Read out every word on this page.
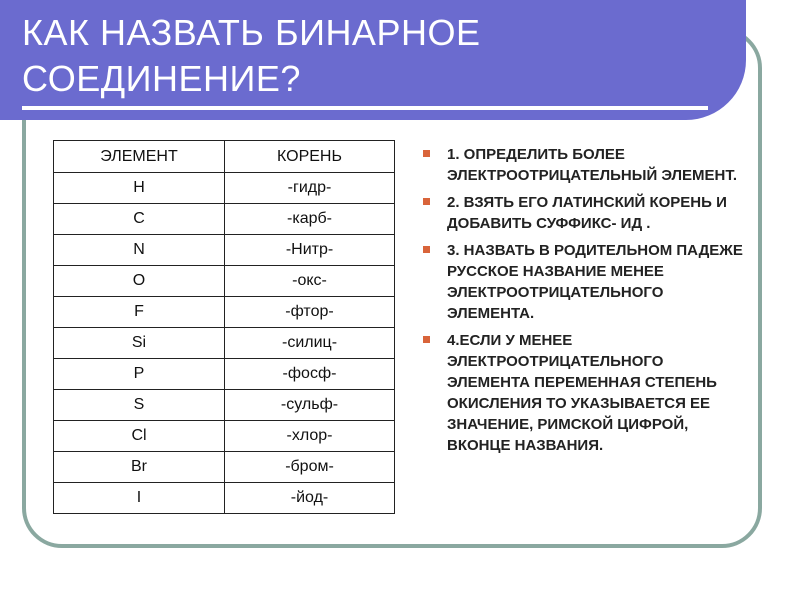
КАК НАЗВАТЬ БИНАРНОЕ
СОЕДИНЕНИЕ?
ЭЛЕМЕНТ	КОРЕНЬ
H	-гидр-
C	-карб-
N	-Нитр-
O	-окс-
F	-фтор-
Si	-силиц-
P	-фосф-
S	-сульф-
Cl	-хлор-
Br	-бром-
I	-йод-
1. ОПРЕДЕЛИТЬ БОЛЕЕ ЭЛЕКТРООТРИЦАТЕЛЬНЫЙ ЭЛЕМЕНТ.
2. ВЗЯТЬ ЕГО ЛАТИНСКИЙ КОРЕНЬ И ДОБАВИТЬ СУФФИКС- ИД .
3. НАЗВАТЬ В РОДИТЕЛЬНОМ ПАДЕЖЕ РУССКОЕ НАЗВАНИЕ МЕНЕЕ ЭЛЕКТРООТРИЦАТЕЛЬНОГО ЭЛЕМЕНТА.
4.ЕСЛИ У МЕНЕЕ ЭЛЕКТРООТРИЦАТЕЛЬНОГО ЭЛЕМЕНТА ПЕРЕМЕННАЯ СТЕПЕНЬ ОКИСЛЕНИЯ ТО УКАЗЫВАЕТСЯ ЕЕ ЗНАЧЕНИЕ, РИМСКОЙ ЦИФРОЙ, ВКОНЦЕ НАЗВАНИЯ.
